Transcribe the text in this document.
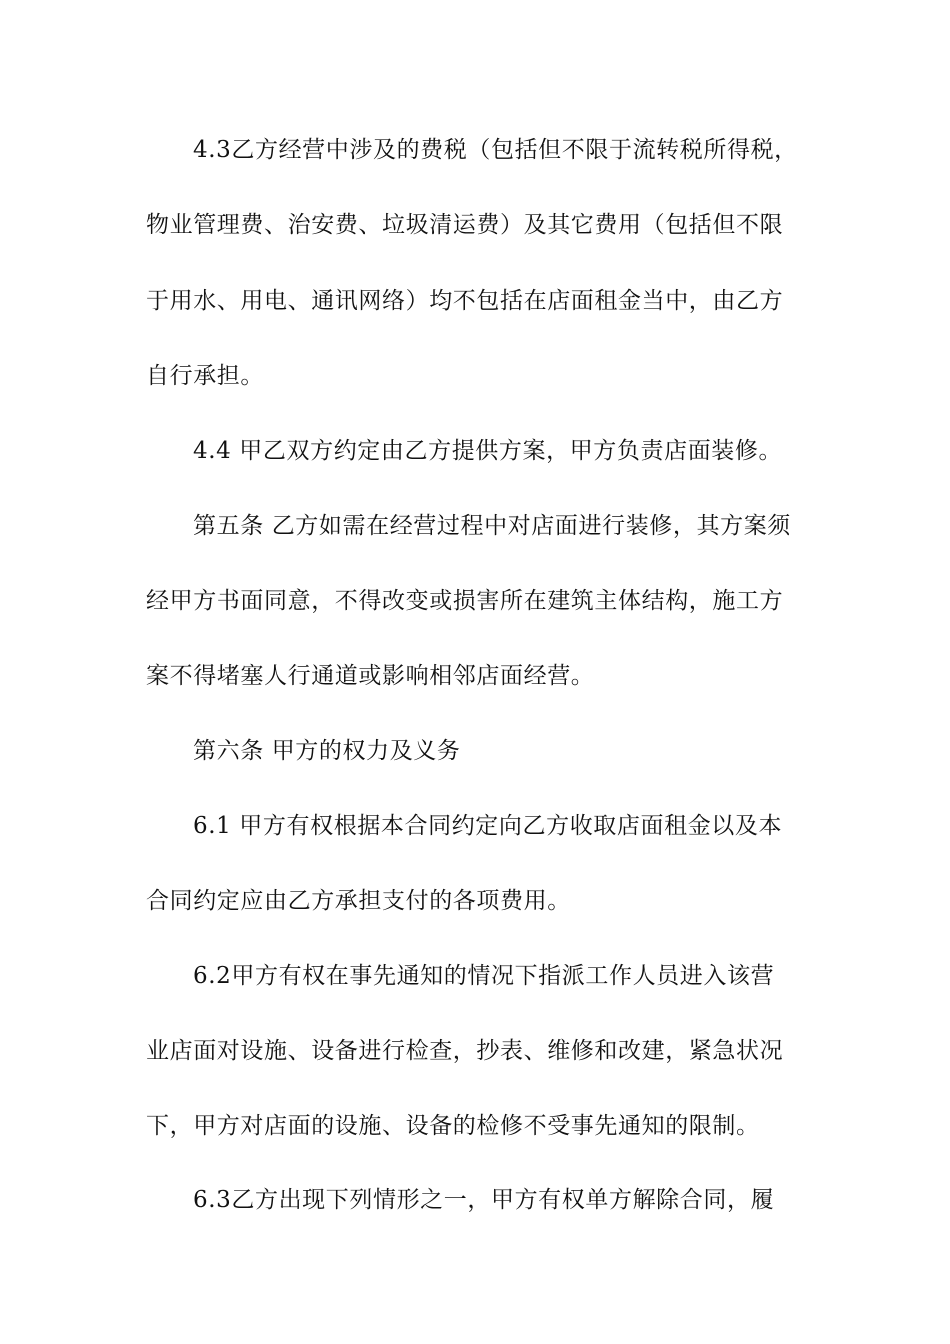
4.3乙方经营中涉及的费税（包括但不限于流转税所得税，
物业管理费、治安费、垃圾清运费）及其它费用（包括但不限
于用水、用电、通讯网络）均不包括在店面租金当中，由乙方
自行承担。
4.4 甲乙双方约定由乙方提供方案，甲方负责店面装修。
第五条 乙方如需在经营过程中对店面进行装修，其方案须
经甲方书面同意，不得改变或损害所在建筑主体结构，施工方
案不得堵塞人行通道或影响相邻店面经营。
第六条 甲方的权力及义务
6.1 甲方有权根据本合同约定向乙方收取店面租金以及本
合同约定应由乙方承担支付的各项费用。
6.2甲方有权在事先通知的情况下指派工作人员进入该营
业店面对设施、设备进行检查，抄表、维修和改建，紧急状况
下，甲方对店面的设施、设备的检修不受事先通知的限制。
6.3乙方出现下列情形之一，甲方有权单方解除合同，履
